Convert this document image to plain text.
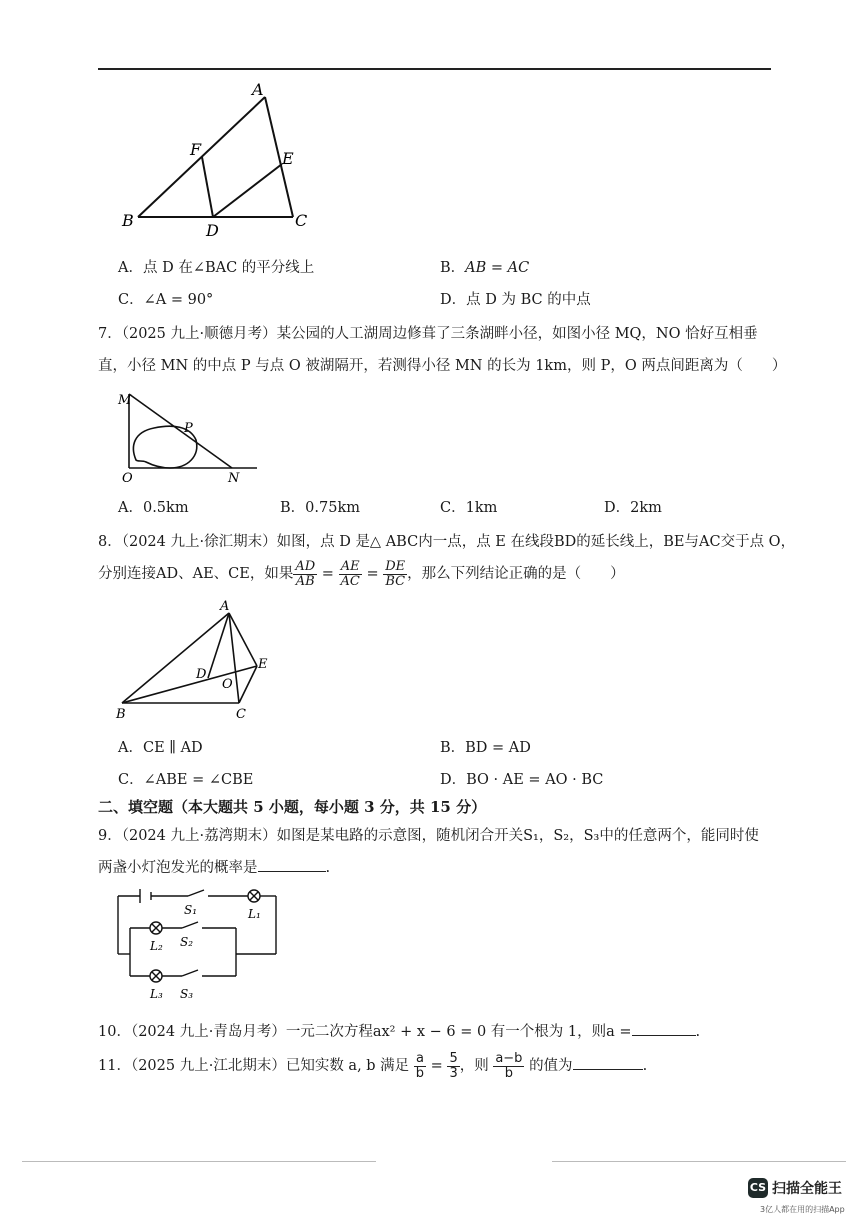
A
F	E
B
D
C
A．点 D 在∠BAC 的平分线上	B．AB = AC
C．∠A = 90°	D．点 D 为 BC 的中点
7．（2025 九上·顺德月考）某公园的人工湖周边修葺了三条湖畔小径，如图小径 MQ，NO 恰好互相垂
直，小径 MN 的中点 P 与点 O 被湖隔开，若测得小径 MN 的长为 1km，则 P，O 两点间距离为（　　）
M
P
O	N
A．0.5km	B．0.75km	C．1km	D．2km
8．（2024 九上·徐汇期末）如图，点 D 是△ ABC内一点，点 E 在线段BD的延长线上，BE与AC交于点 O，
分别连接AD、AE、CE，如果 $\frac{AD}{AB} = \frac{AE}{AC} = \frac{DE}{BC}$ ，那么下列结论正确的是（　　）
A
D
E
O
B	C
A．CE ∥ AD	B．BD = AD
C．∠ABE = ∠CBE	D．BO · AE = AO · BC
二、填空题（本大题共 5 小题，每小题 3 分，共 15 分）
9．（2024 九上·荔湾期末）如图是某电路的示意图，随机闭合开关S₁，S₂，S₃中的任意两个，能同时使
两盏小灯泡发光的概率是	.
S₁	L₁
L₂ S₂
L₃ S₃
10．（2024 九上·青岛月考）一元二次方程ax² + x − 6 = 0 有一个根为 1，则a =	.
11．（2025 九上·江北期末）已知实数 a, b 满足 $\frac{a}{b} = \frac{5}{3}$ ，则 $\frac{a-b}{b}$ 的值为	.
CS 扫描全能王
3亿人都在用的扫描App
